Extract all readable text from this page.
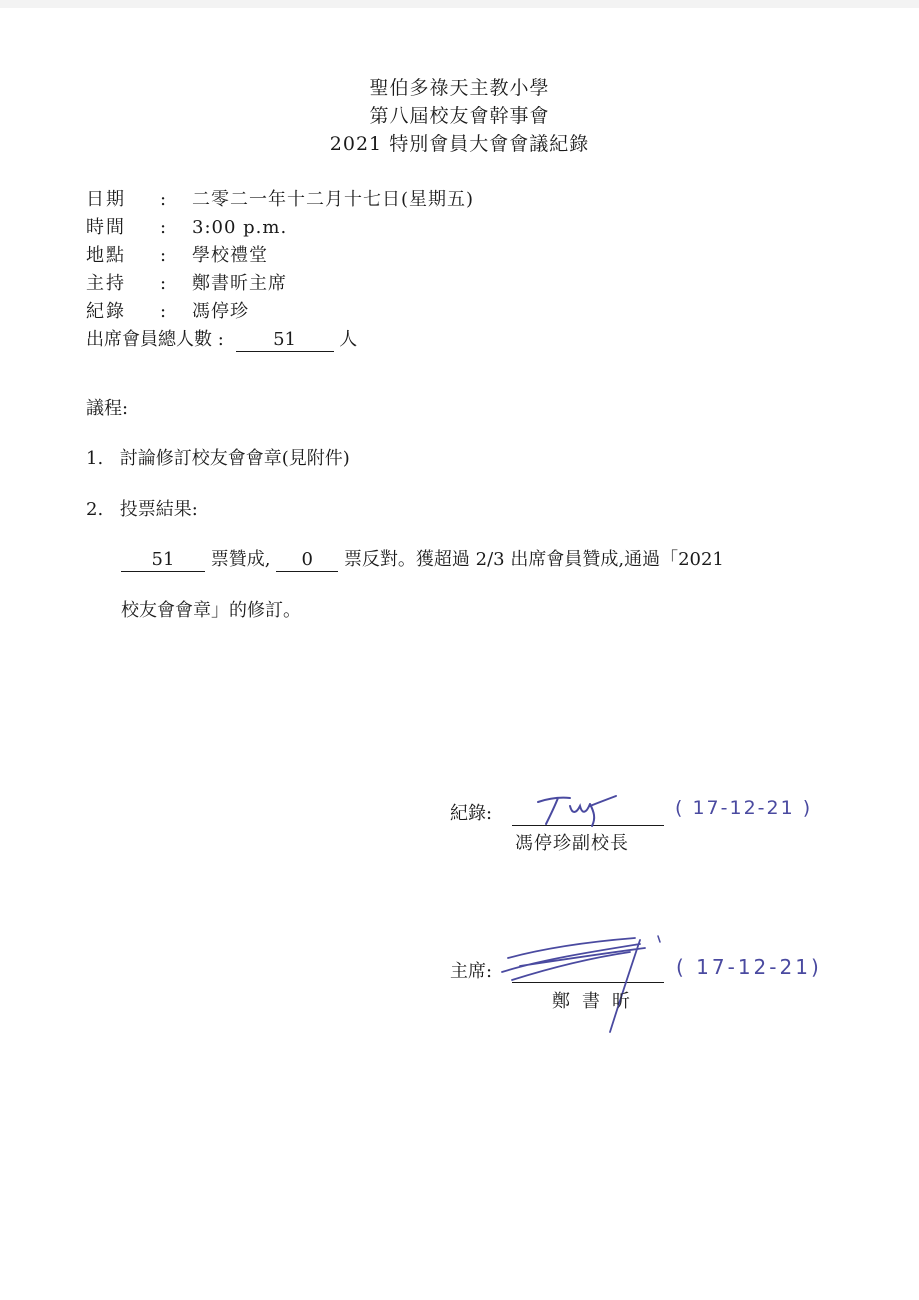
聖伯多祿天主教小學
第八屆校友會幹事會
2021 特別會員大會會議紀錄
日期 : 二零二一年十二月十七日(星期五)
時間 : 3:00 p.m.
地點 : 學校禮堂
主持 : 鄭書昕主席
紀錄 : 馮停珍
出席會員總人數 :	51 人
議程:
1. 討論修訂校友會會章(見附件)
2. 投票結果:
51 票贊成, 0 票反對。獲超過 2/3 出席會員贊成,通過「2021
校友會會章」的修訂。
紀錄:	( 17-12-21 )
馮停珍副校長
主席:	( 17-12-21)
鄭書昕
